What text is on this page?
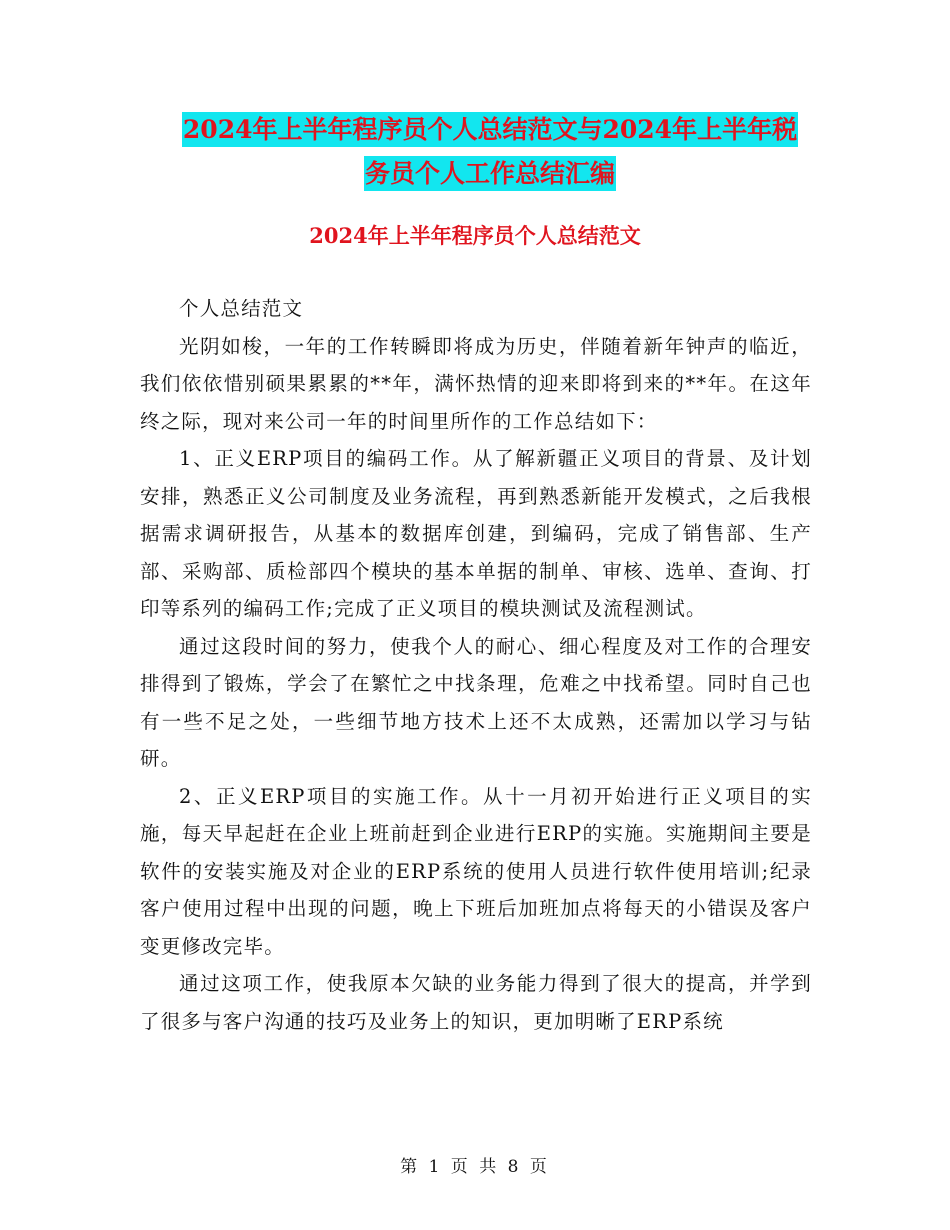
2024年上半年程序员个人总结范文与2024年上半年税
务员个人工作总结汇编
2024年上半年程序员个人总结范文

个人总结范文

光阴如梭，一年的工作转瞬即将成为历史，伴随着新年钟声的临近，我们依依惜别硕果累累的**年，满怀热情的迎来即将到来的**年。在这年终之际，现对来公司一年的时间里所作的工作总结如下：

1、正义ERP项目的编码工作。从了解新疆正义项目的背景、及计划安排，熟悉正义公司制度及业务流程，再到熟悉新能开发模式，之后我根据需求调研报告，从基本的数据库创建，到编码，完成了销售部、生产部、采购部、质检部四个模块的基本单据的制单、审核、选单、查询、打印等系列的编码工作;完成了正义项目的模块测试及流程测试。

通过这段时间的努力，使我个人的耐心、细心程度及对工作的合理安排得到了锻炼，学会了在繁忙之中找条理，危难之中找希望。同时自己也有一些不足之处，一些细节地方技术上还不太成熟，还需加以学习与钻研。

2、正义ERP项目的实施工作。从十一月初开始进行正义项目的实施，每天早起赶在企业上班前赶到企业进行ERP的实施。实施期间主要是软件的安装实施及对企业的ERP系统的使用人员进行软件使用培训;纪录客户使用过程中出现的问题，晚上下班后加班加点将每天的小错误及客户变更修改完毕。

通过这项工作，使我原本欠缺的业务能力得到了很大的提高，并学到了很多与客户沟通的技巧及业务上的知识，更加明晰了ERP系统

第 1 页 共 8 页
